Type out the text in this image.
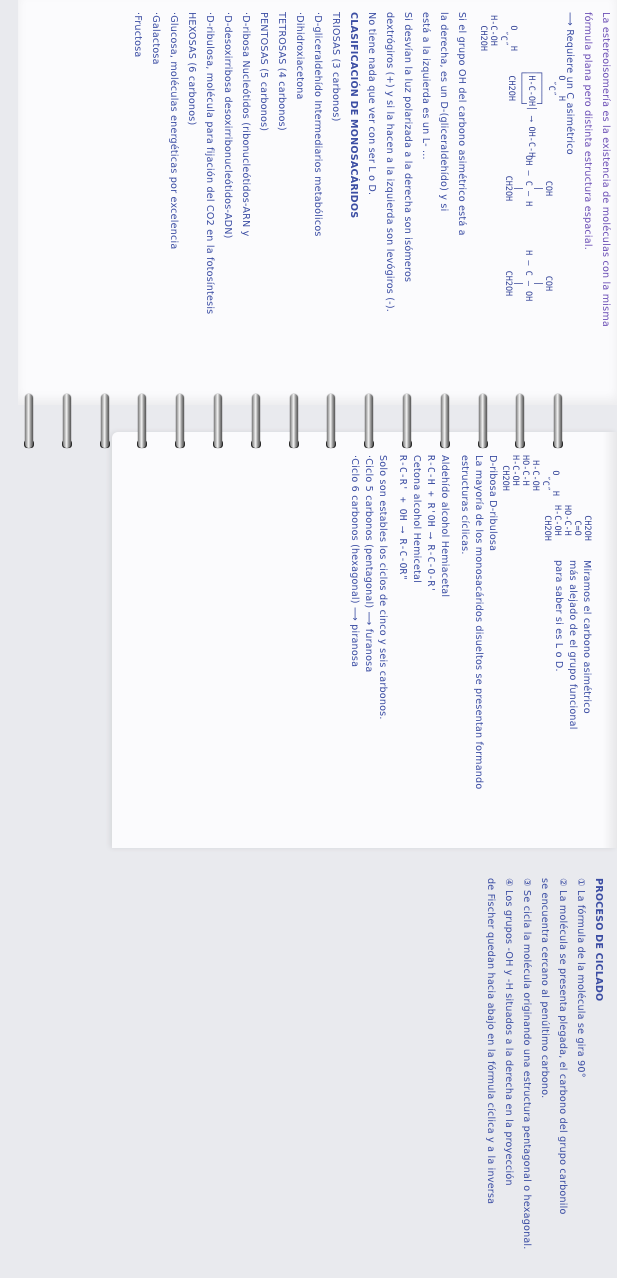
La estereoisomería es la existencia de moléculas con la misma
fórmula plana pero distinta estructura espacial.
⟶ Requiere un C asimétrico
Si el grupo OH del carbono asimétrico está a
la derecha, es un D-(gliceraldehído) y si
está a la izquierda es un L- ...
Si desvían la luz polarizada a la derecha son isómeros
dextrógiros (+) y si la hacen a la izquierda son levógiros (-).
No tiene nada que ver con ser L o D.
CLASIFICACIÓN DE MONOSACÁRIDOS
TRIOSAS (3 carbonos)
·D-gliceraldehído Intermediarios metabólicos
·Dihidroxiacetona
TETROSAS (4 carbonos)
PENTOSAS (5 carbonos)
·D-ribosa Nucleótidos (ribonucleótidos-ARN y
·D-desoxirribosa desoxirribonucleótidos-ADN)
·D-ribulosa, molécula para fijación del CO2 en la fotosíntesis
HEXOSAS (6 carbonos)
·Glucosa, moléculas energéticas por excelencia
·Galactosa
·Fructosa
O   H
˝C˝
┌─────┐
│H-C-OH│ ⟶ OH-C-H
└─────┘
CH2OH
O   H
˝C˝
H-C-OH
CH2OH
COH
|
OH — C — H
|
CH2OH
COH
|
H — C — OH
|
CH2OH
PROCESO DE CICLADO
① La fórmula de la molécula se gira 90°
② La molécula se presenta plegada, el carbono del grupo carbonilo
se encuentra cercano al penúltimo carbono.
③ Se cicla la molécula originando una estructura pentagonal o hexagonal.
④ Los grupos -OH y -H situados a la derecha en la proyección
de Fischer quedan hacia abajo en la fórmula cíclica y a la inversa
Miramos el carbono asimétrico
más alejado de el grupo funcional
para saber si es L o D.
O   H
˝C˝
H-C-OH
HO-C-H
H-C-OH
CH2OH
CH2OH
C=O
HO-C-H
H-C-OH
CH2OH
D-ribosa D-ribulosa
La mayoría de los monosacáridos disueltos se presentan formando
estructuras cíclicas.
Aldehído alcohol Hemiacetal
R-C-H + R'OH ⟶ R-C-O-R'
Cetona alcohol Hemicetal
R-C-R' + OH ⟶ R-C-OR"
Solo son estables los ciclos de cinco y seis carbonos.
·Ciclo 5 carbonos (pentagonal) ⟶ furanosa
·Ciclo 6 carbonos (hexagonal) ⟶ piranosa
